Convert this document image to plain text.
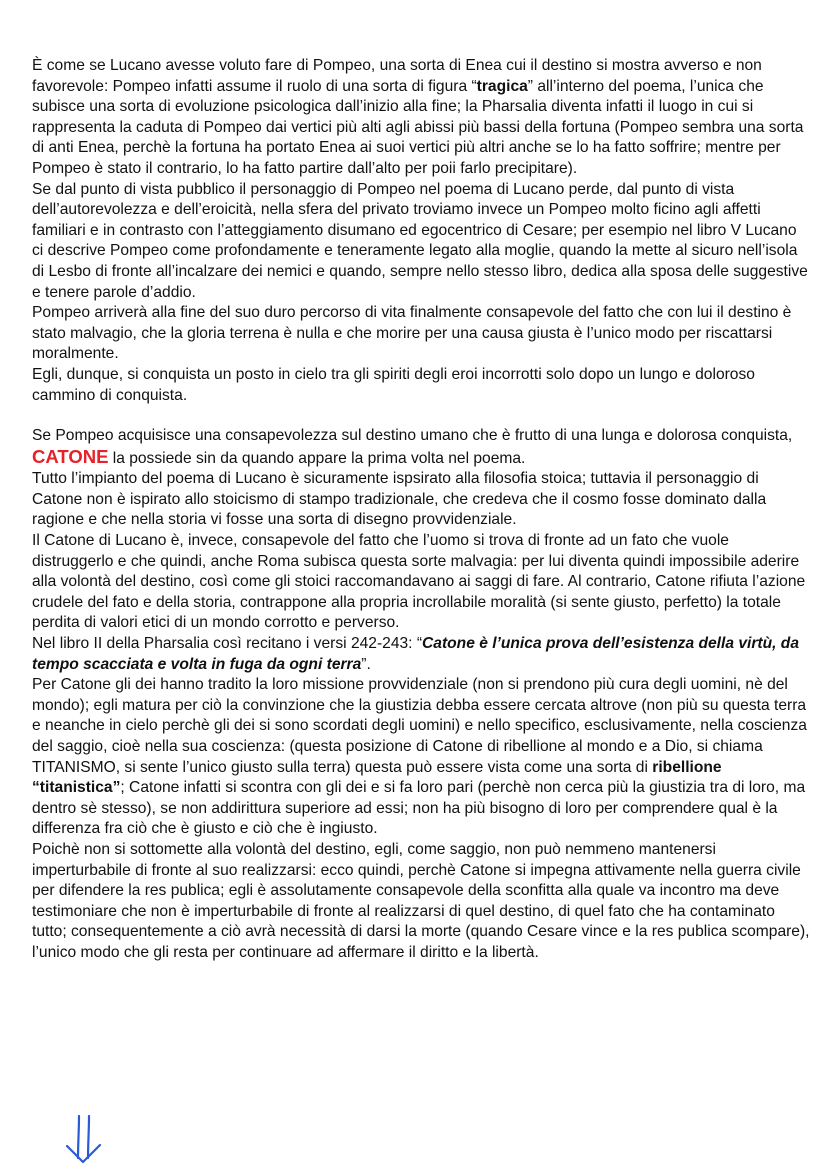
È come se Lucano avesse voluto fare di Pompeo, una sorta di Enea cui il destino si mostra avverso e non favorevole: Pompeo infatti assume il ruolo di una sorta di figura “tragica” all’interno del poema, l’unica che subisce una sorta di evoluzione psicologica dall’inizio alla fine; la Pharsalia diventa infatti il luogo in cui si rappresenta la caduta di Pompeo dai vertici più alti agli abissi più bassi della fortuna (Pompeo sembra una sorta di anti Enea, perchè la fortuna ha portato Enea ai suoi vertici più altri anche se lo ha fatto soffrire; mentre per Pompeo è stato il contrario, lo ha fatto partire dall’alto per poii farlo precipitare).

Se dal punto di vista pubblico il personaggio di Pompeo nel poema di Lucano perde, dal punto di vista dell’autorevolezza e dell’eroicità, nella sfera del privato troviamo invece un Pompeo molto ficino agli affetti familiari e in contrasto con l’atteggiamento disumano ed egocentrico di Cesare; per esempio nel libro V Lucano ci descrive Pompeo come profondamente e teneramente legato alla moglie, quando la mette al sicuro nell’isola di Lesbo di fronte all’incalzare dei nemici e quando, sempre nello stesso libro, dedica alla sposa delle suggestive e tenere parole d’addio.

Pompeo arriverà alla fine del suo duro percorso di vita finalmente consapevole del fatto che con lui il destino è stato malvagio, che la gloria terrena è nulla e che morire per una causa giusta è l’unico modo per riscattarsi moralmente.

Egli, dunque, si conquista un posto in cielo tra gli spiriti degli eroi incorrotti solo dopo un lungo e doloroso cammino di conquista.

Se Pompeo acquisisce una consapevolezza sul destino umano che è frutto di una lunga e dolorosa conquista, CATONE la possiede sin da quando appare la prima volta nel poema.

Tutto l’impianto del poema di Lucano è sicuramente ispsirato alla filosofia stoica; tuttavia il personaggio di Catone non è ispirato allo stoicismo di stampo tradizionale, che credeva che il cosmo fosse dominato dalla ragione e che nella storia vi fosse una sorta di disegno provvidenziale.

Il Catone di Lucano è, invece, consapevole del fatto che l’uomo si trova di fronte ad un fato che vuole distruggerlo e che quindi, anche Roma subisca questa sorte malvagia: per lui diventa quindi impossibile aderire alla volontà del destino, così come gli stoici raccomandavano ai saggi di fare. Al contrario, Catone rifiuta l’azione crudele del fato e della storia, contrappone alla propria incrollabile moralità (si sente giusto, perfetto) la totale perdita di valori etici di un mondo corrotto e perverso.

Nel libro II della Pharsalia così recitano i versi 242-243: “Catone è l’unica prova dell’esistenza della virtù, da tempo scacciata e volta in fuga da ogni terra”.

Per Catone gli dei hanno tradito la loro missione provvidenziale (non si prendono più cura degli uomini, nè del mondo); egli matura per ciò la convinzione che la giustizia debba essere cercata altrove (non più su questa terra e neanche in cielo perchè gli dei si sono scordati degli uomini) e nello specifico, esclusivamente, nella coscienza del saggio, cioè nella sua coscienza: (questa posizione di Catone di ribellione al mondo e a Dio, si chiama TITANISMO, si sente l’unico giusto sulla terra) questa può essere vista come una sorta di ribellione “titanistica”; Catone infatti si scontra con gli dei e si fa loro pari (perchè non cerca più la giustizia tra di loro, ma dentro sè stesso), se non addirittura superiore ad essi; non ha più bisogno di loro per comprendere qual è la differenza fra ciò che è giusto e ciò che è ingiusto.

Poichè non si sottomette alla volontà del destino, egli, come saggio, non può nemmeno mantenersi imperturbabile di fronte al suo realizzarsi: ecco quindi, perchè Catone si impegna attivamente nella guerra civile per difendere la res publica; egli è assolutamente consapevole della sconfitta alla quale va incontro ma deve testimoniare che non è imperturbabile di fronte al realizzarsi di quel destino, di quel fato che ha contaminato tutto; consequentemente a ciò avrà necessità di darsi la morte (quando Cesare vince e la res publica scompare), l’unico modo che gli resta per continuare ad affermare il diritto e la libertà.
